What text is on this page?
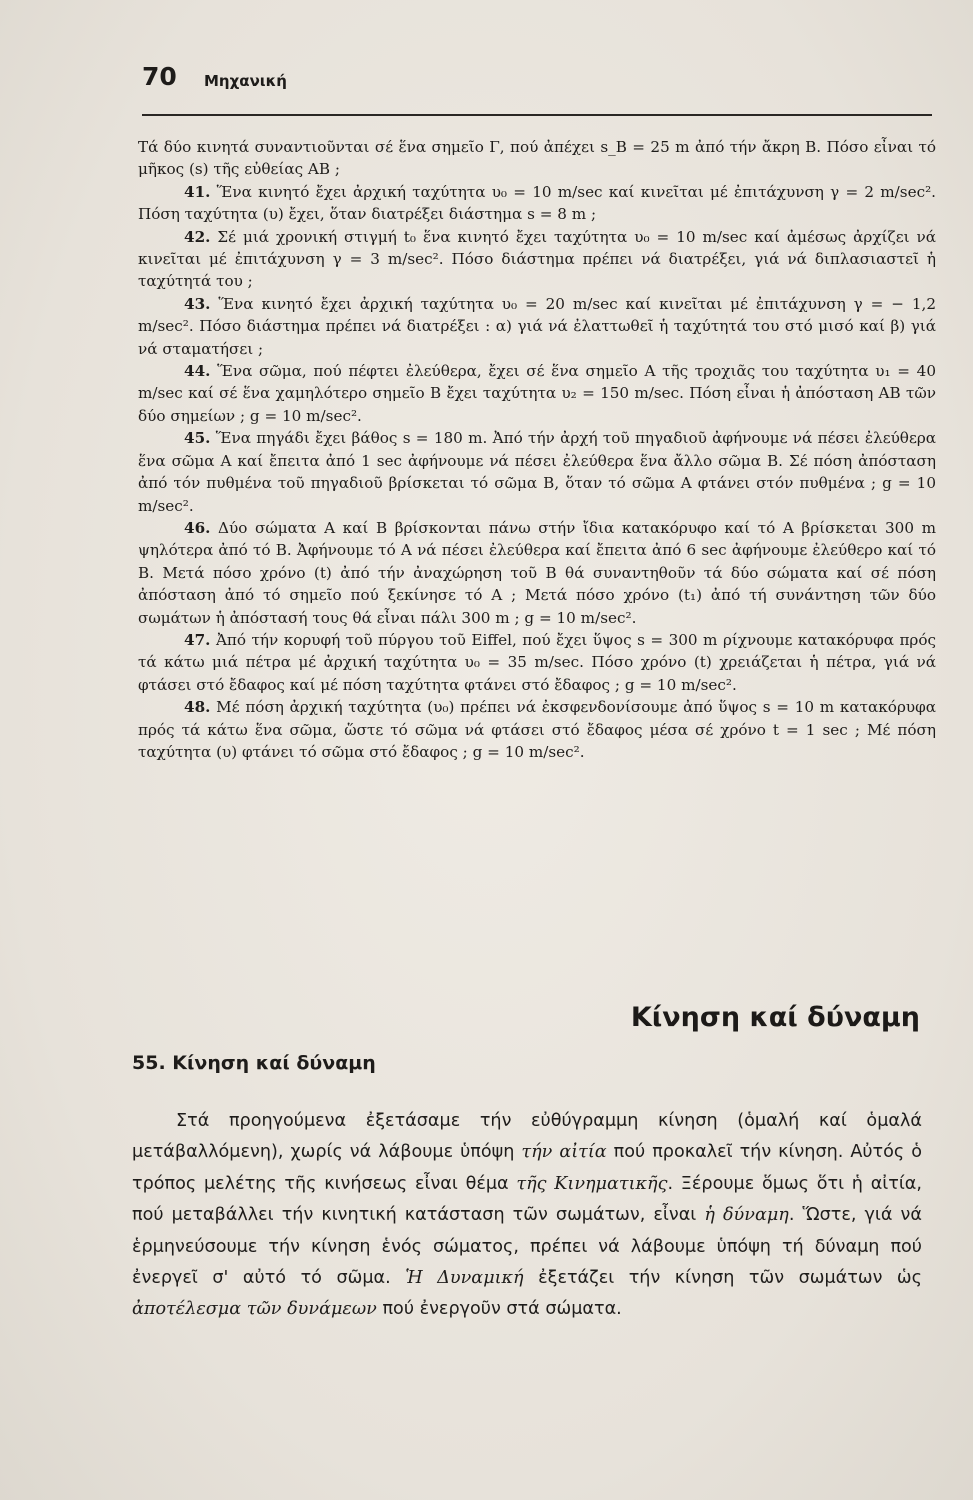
70 Μηχανική

Τά δύο κινητά συναντιοῦνται σέ ἕνα σημεῖο Γ, πού ἀπέχει s_B = 25 m ἀπό τήν ἄκρη Β. Πόσο εἶναι τό μῆκος (s) τῆς εὐθείας ΑΒ ;

41. Ἕνα κινητό ἔχει ἀρχική ταχύτητα υ₀ = 10 m/sec καί κινεῖται μέ ἐπιτάχυνση γ = 2 m/sec². Πόση ταχύτητα (υ) ἔχει, ὅταν διατρέξει διάστημα s = 8 m ;

42. Σέ μιά χρονική στιγμή t₀ ἕνα κινητό ἔχει ταχύτητα υ₀ = 10 m/sec καί ἀμέσως ἀρχίζει νά κινεῖται μέ ἐπιτάχυνση γ = 3 m/sec². Πόσο διάστημα πρέπει νά διατρέξει, γιά νά διπλασιαστεῖ ἡ ταχύτητά του ;

43. Ἕνα κινητό ἔχει ἀρχική ταχύτητα υ₀ = 20 m/sec καί κινεῖται μέ ἐπιτάχυνση γ = − 1,2 m/sec². Πόσο διάστημα πρέπει νά διατρέξει : α) γιά νά ἐλαττωθεῖ ἡ ταχύτητά του στό μισό καί β) γιά νά σταματήσει ;

44. Ἕνα σῶμα, πού πέφτει ἐλεύθερα, ἔχει σέ ἕνα σημεῖο Α τῆς τροχιᾶς του ταχύτητα υ₁ = 40 m/sec καί σέ ἕνα χαμηλότερο σημεῖο Β ἔχει ταχύτητα υ₂ = 150 m/sec. Πόση εἶναι ἡ ἀπόσταση ΑΒ τῶν δύο σημείων ; g = 10 m/sec².

45. Ἕνα πηγάδι ἔχει βάθος s = 180 m. Ἀπό τήν ἀρχή τοῦ πηγαδιοῦ ἀφήνουμε νά πέσει ἐλεύθερα ἕνα σῶμα Α καί ἔπειτα ἀπό 1 sec ἀφήνουμε νά πέσει ἐλεύθερα ἕνα ἄλλο σῶμα Β. Σέ πόση ἀπόσταση ἀπό τόν πυθμένα τοῦ πηγαδιοῦ βρίσκεται τό σῶμα Β, ὅταν τό σῶμα Α φτάνει στόν πυθμένα ; g = 10 m/sec².

46. Δύο σώματα Α καί Β βρίσκονται πάνω στήν ἴδια κατακόρυφο καί τό Α βρίσκεται 300 m ψηλότερα ἀπό τό Β. Ἀφήνουμε τό Α νά πέσει ἐλεύθερα καί ἔπειτα ἀπό 6 sec ἀφήνουμε ἐλεύθερο καί τό Β. Μετά πόσο χρόνο (t) ἀπό τήν ἀναχώρηση τοῦ Β θά συναντηθοῦν τά δύο σώματα καί σέ πόση ἀπόσταση ἀπό τό σημεῖο πού ξεκίνησε τό Α ; Μετά πόσο χρόνο (t₁) ἀπό τή συνάντηση τῶν δύο σωμάτων ἡ ἀπόστασή τους θά εἶναι πάλι 300 m ; g = 10 m/sec².

47. Ἀπό τήν κορυφή τοῦ πύργου τοῦ Eiffel, πού ἔχει ὕψος s = 300 m ρίχνουμε κατακόρυφα πρός τά κάτω μιά πέτρα μέ ἀρχική ταχύτητα υ₀ = 35 m/sec. Πόσο χρόνο (t) χρειάζεται ἡ πέτρα, γιά νά φτάσει στό ἔδαφος καί μέ πόση ταχύτητα φτάνει στό ἔδαφος ; g = 10 m/sec².

48. Μέ πόση ἀρχική ταχύτητα (υ₀) πρέπει νά ἐκσφενδονίσουμε ἀπό ὕψος s = 10 m κατακόρυφα πρός τά κάτω ἕνα σῶμα, ὥστε τό σῶμα νά φτάσει στό ἔδαφος μέσα σέ χρόνο t = 1 sec ; Μέ πόση ταχύτητα (υ) φτάνει τό σῶμα στό ἔδαφος ; g = 10 m/sec².

Κίνηση καί δύναμη
55. Κίνηση καί δύναμη

Στά προηγούμενα ἐξετάσαμε τήν εὐθύγραμμη κίνηση (ὁμαλή καί ὁμαλά μετάβαλλόμενη), χωρίς νά λάβουμε ὑπόψη τήν αἰτία πού προκαλεῖ τήν κίνηση. Αὐτός ὁ τρόπος μελέτης τῆς κινήσεως εἶναι θέμα τῆς Κινηματικῆς. Ξέρουμε ὅμως ὅτι ἡ αἰτία, πού μεταβάλλει τήν κινητική κατάσταση τῶν σωμάτων, εἶναι ἡ δύναμη. Ὥστε, γιά νά ἑρμηνεύσουμε τήν κίνηση ἑνός σώματος, πρέπει νά λάβουμε ὑπόψη τή δύναμη πού ἐνεργεῖ σ' αὐτό τό σῶμα. Ἡ Δυναμική ἐξετάζει τήν κίνηση τῶν σωμάτων ὡς ἀποτέλεσμα τῶν δυνάμεων πού ἐνεργοῦν στά σώματα.
